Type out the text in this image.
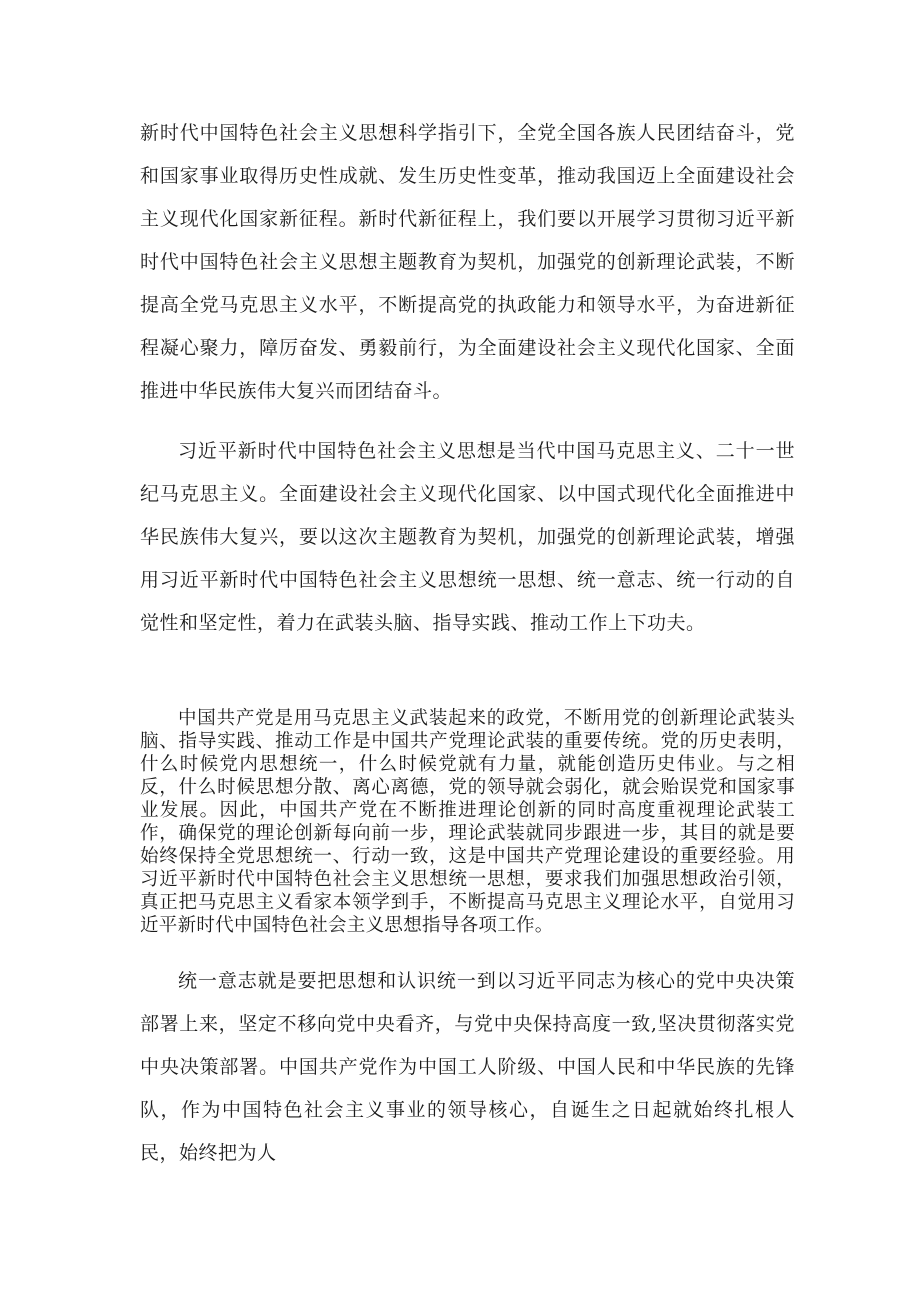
新时代中国特色社会主义思想科学指引下，全党全国各族人民团结奋斗，党和国家事业取得历史性成就、发生历史性变革，推动我国迈上全面建设社会主义现代化国家新征程。新时代新征程上，我们要以开展学习贯彻习近平新时代中国特色社会主义思想主题教育为契机，加强党的创新理论武装，不断提高全党马克思主义水平，不断提高党的执政能力和领导水平，为奋进新征程凝心聚力，障厉奋发、勇毅前行，为全面建设社会主义现代化国家、全面推进中华民族伟大复兴而团结奋斗。

习近平新时代中国特色社会主义思想是当代中国马克思主义、二十一世纪马克思主义。全面建设社会主义现代化国家、以中国式现代化全面推进中华民族伟大复兴，要以这次主题教育为契机，加强党的创新理论武装，增强用习近平新时代中国特色社会主义思想统一思想、统一意志、统一行动的自觉性和坚定性，着力在武装头脑、指导实践、推动工作上下功夫。

中国共产党是用马克思主义武装起来的政党，不断用党的创新理论武装头脑、指导实践、推动工作是中国共产党理论武装的重要传统。党的历史表明，什么时候党内思想统一，什么时候党就有力量，就能创造历史伟业。与之相反，什么时候思想分散、离心离德，党的领导就会弱化，就会贻误党和国家事业发展。因此，中国共产党在不断推进理论创新的同时高度重视理论武装工作，确保党的理论创新每向前一步，理论武装就同步跟进一步，其目的就是要始终保持全党思想统一、行动一致，这是中国共产党理论建设的重要经验。用习近平新时代中国特色社会主义思想统一思想，要求我们加强思想政治引领，真正把马克思主义看家本领学到手，不断提高马克思主义理论水平，自觉用习近平新时代中国特色社会主义思想指导各项工作。

统一意志就是要把思想和认识统一到以习近平同志为核心的党中央决策部署上来，坚定不移向党中央看齐，与党中央保持高度一致,坚决贯彻落实党中央决策部署。中国共产党作为中国工人阶级、中国人民和中华民族的先锋队，作为中国特色社会主义事业的领导核心，自诞生之日起就始终扎根人民，始终把为人
